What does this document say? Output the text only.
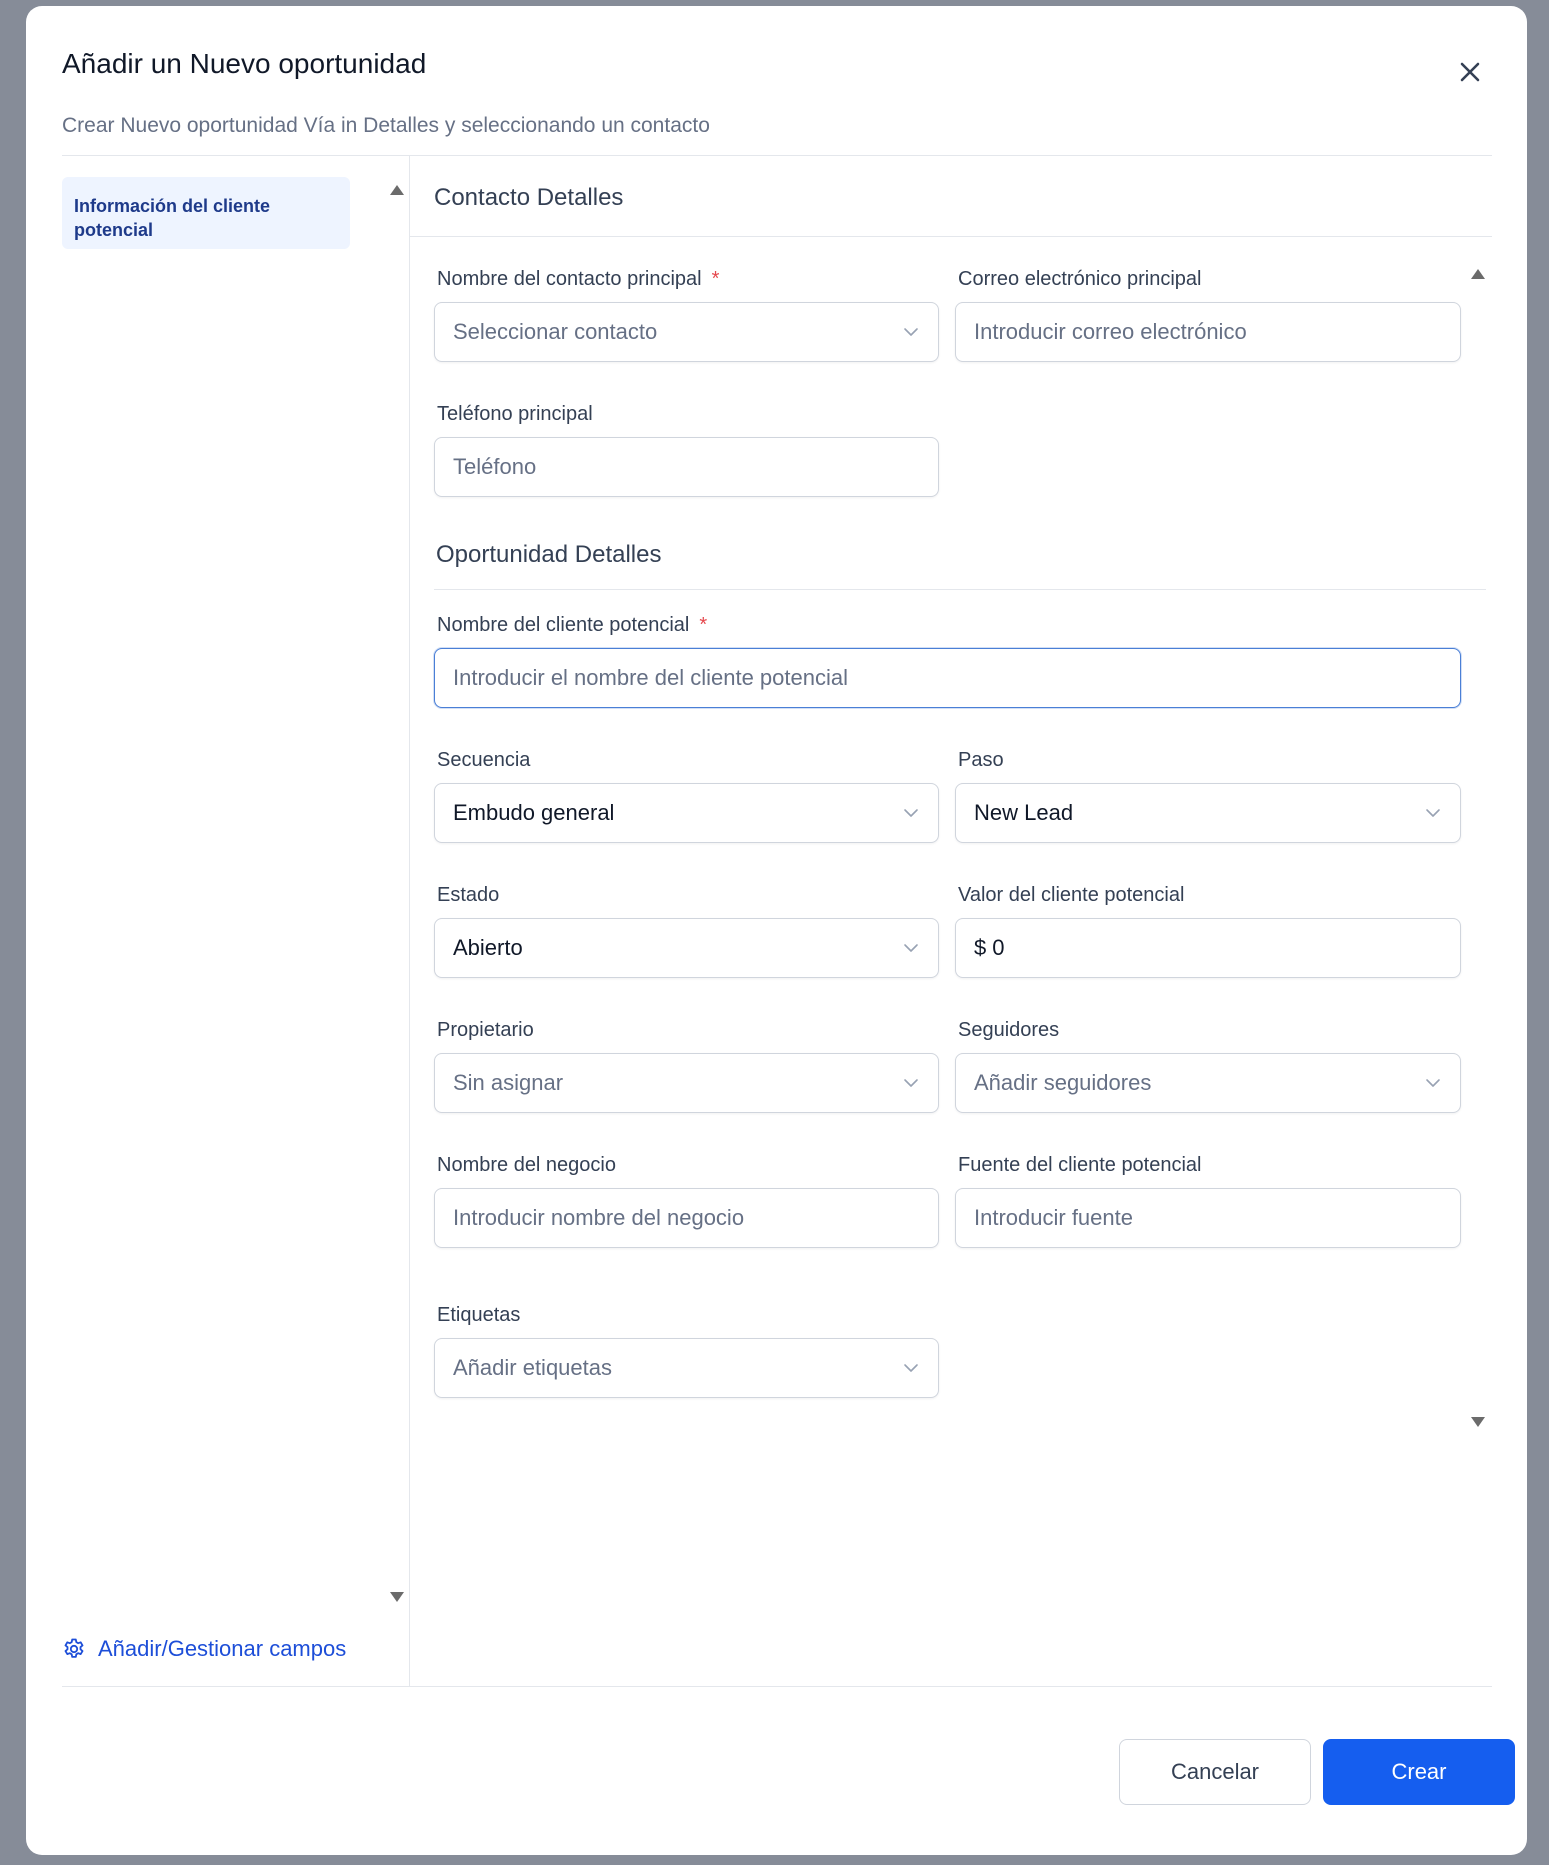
Añadir un Nuevo oportunidad

Crear Nuevo oportunidad Vía in Detalles y seleccionando un contacto

Información del cliente potencial
Añadir/Gestionar campos
Contacto Detalles
Nombre del contacto principal *
Seleccionar contacto
Correo electrónico principal
Introducir correo electrónico
Teléfono principal
Teléfono
Oportunidad Detalles
Nombre del cliente potencial *
Introducir el nombre del cliente potencial
Secuencia
Embudo general
Paso
New Lead
Estado
Abierto
Valor del cliente potencial
$ 0
Propietario
Sin asignar
Seguidores
Añadir seguidores
Nombre del negocio
Introducir nombre del negocio
Fuente del cliente potencial
Introducir fuente
Etiquetas
Añadir etiquetas
Cancelar	Crear
